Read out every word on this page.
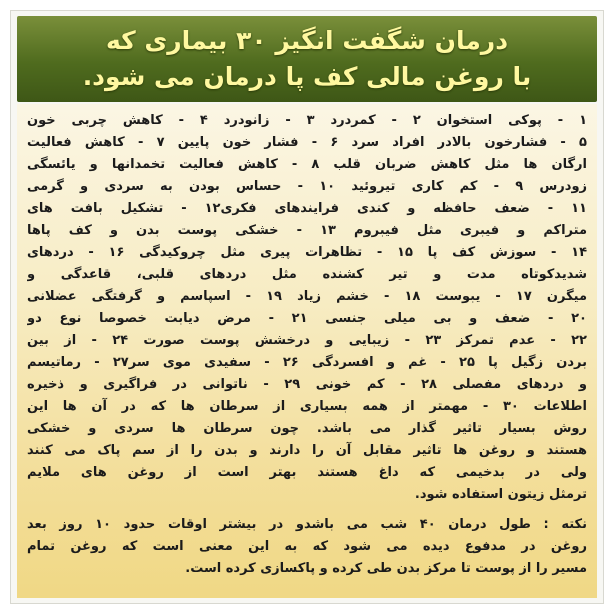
درمان شگفت انگیز ۳۰ بیماری که
با روغن مالی کف پا درمان می شود.
۱ - پوکی استخوان ۲ - کمردرد ۳ - زانودرد ۴ - کاهش چربی خون
۵ - فشارخون بالادر افراد سرد ۶ - فشار خون پایین ۷ - کاهش فعالیت
ارگان ها مثل کاهش ضربان قلب ۸ - کاهش فعالیت تخمدانها و یائسگی
زودرس ۹ - کم کاری تیروئید ۱۰ - حساس بودن به سردی و گرمی
۱۱ - ضعف حافظه و کندی فرایندهای فکری۱۲ - تشکیل بافت های
متراکم و فیبری مثل فیبروم ۱۳ - خشکی پوست بدن و کف پاها
۱۴ - سوزش کف پا ۱۵ - تظاهرات پیری مثل چروکیدگی ۱۶ - دردهای
شدیدکوتاه مدت و تیر کشنده مثل دردهای قلبی، قاعدگی و
میگرن ۱۷ - یبوست ۱۸ - خشم زیاد ۱۹ - اسپاسم و گرفتگی عضلانی
۲۰ - ضعف و بی میلی جنسی ۲۱ - مرض دیابت خصوصا نوع دو
۲۲ - عدم تمرکز ۲۳ - زیبایی و درخشش پوست صورت ۲۴ - از بین
بردن زگیل پا ۲۵ - غم و افسردگی ۲۶ - سفیدی موی سر۲۷ - رماتیسم
و دردهای مفصلی ۲۸ - کم خونی ۲۹ - ناتوانی در فراگیری و ذخیره
اطلاعات ۳۰ - مهمتر از همه بسیاری از سرطان ها که در آن ها این
روش بسیار تاثیر گذار می باشد. چون سرطان ها سردی و خشکی
هستند و روغن ها تاثیر مقابل آن را دارند و بدن را از سم پاک می کنند
ولی در بدخیمی که داغ هستند بهتر است از روغن های ملایم
ترمثل زیتون استفاده شود.
نکته : طول درمان ۴۰ شب می باشدو در بیشتر اوقات حدود ۱۰ روز بعد
روغن در مدفوع دیده می شود که به این معنی است که روغن تمام
مسیر را از پوست تا مرکز بدن طی کرده و پاکسازی کرده است.
